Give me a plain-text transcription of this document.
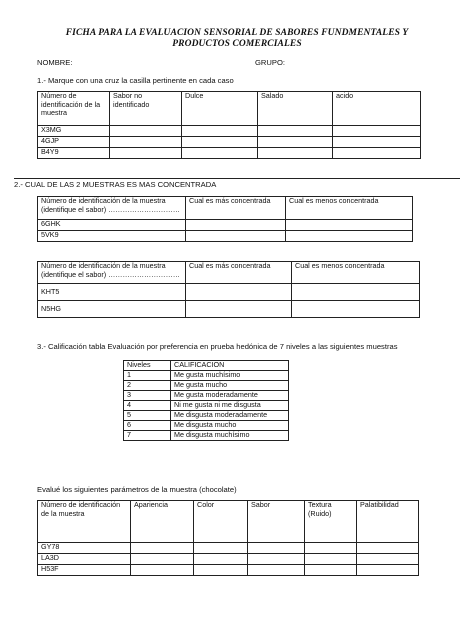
FICHA PARA LA EVALUACION SENSORIAL DE SABORES FUNDMENTALES Y
PRODUCTOS COMERCIALES
NOMBRE:	GRUPO:
1.- Marque con una cruz la casilla pertinente en cada caso
Número de identificación de la muestra	Sabor no identificado	Dulce	Salado	acido
X3MG				
4GJP				
B4Y9				
2.- CUAL DE LAS 2 MUESTRAS ES MAS CONCENTRADA
Número de identificación de la muestra (identifique el sabor) …………………………	Cual es más concentrada	Cual es menos concentrada
6GHK		
5VK9		
Número de identificación de la muestra (identifique el sabor) …………………………	Cual es más concentrada	Cual es menos concentrada
KHT5		
N5HG		
3.- Calificación tabla Evaluación por preferencia en prueba hedónica de 7 niveles a las siguientes muestras
Niveles	CALIFICACION
1	Me gusta muchísimo
2	Me gusta mucho
3	Me gusta moderadamente
4	Ni me gusta ni me disgusta
5	Me disgusta moderadamente
6	Me disgusta mucho
7	Me disgusta muchísimo
Evalué los siguientes parámetros de la muestra (chocolate)
Número de identificación de la muestra	Apariencia	Color	Sabor	Textura (Ruido)	Palatibilidad
GY78					
LA3D					
H53F					
